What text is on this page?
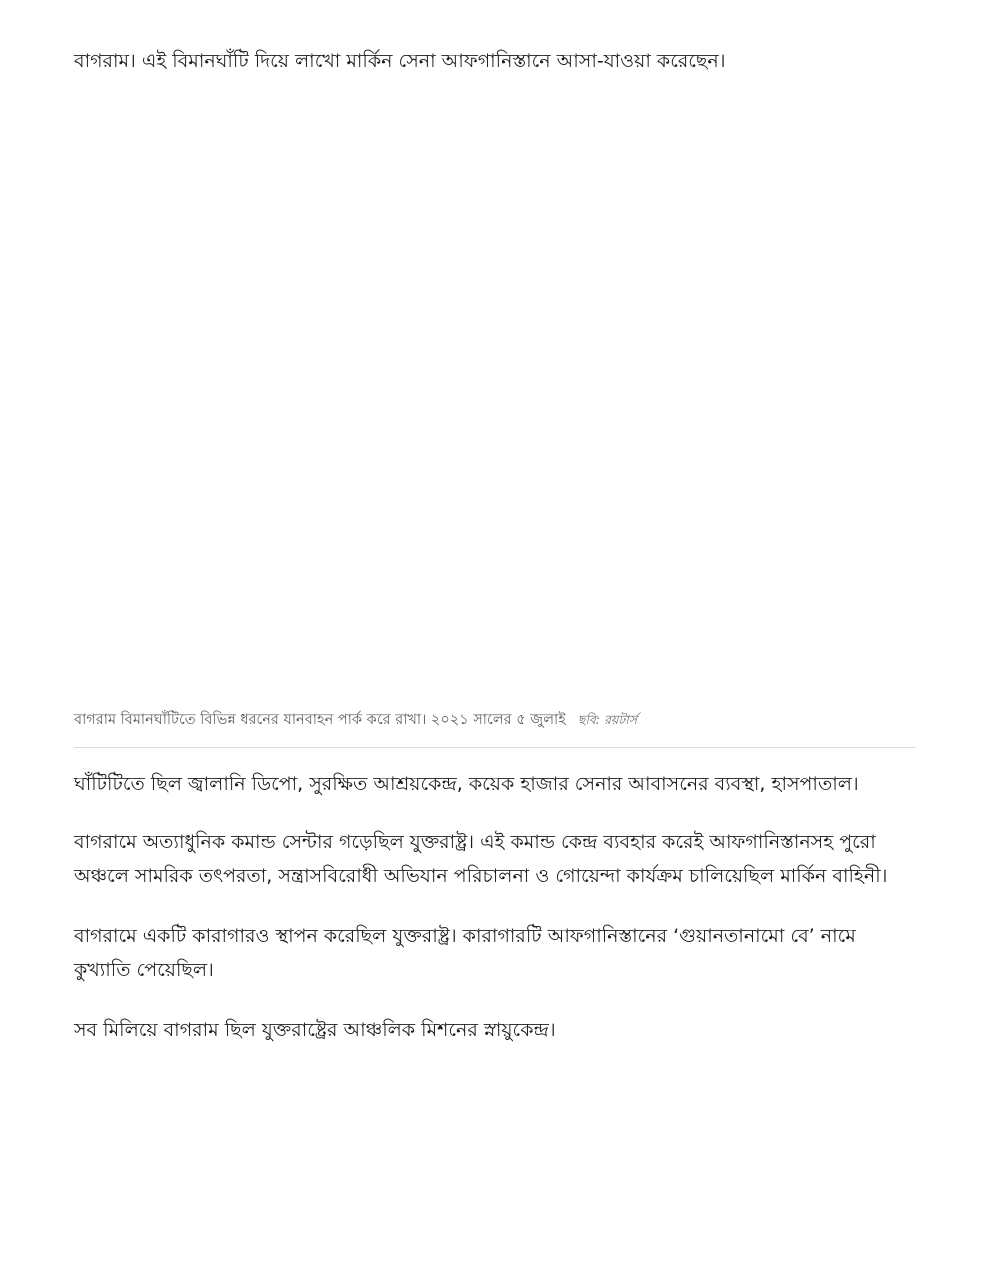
বাগরাম। এই বিমানঘাঁটি দিয়ে লাখো মার্কিন সেনা আফগানিস্তানে আসা-যাওয়া করেছেন।

বাগরাম বিমানঘাঁটিতে বিভিন্ন ধরনের যানবাহন পার্ক করে রাখা। ২০২১ সালের ৫ জুলাই ছবি: রয়টার্স

ঘাঁটিটিতে ছিল জ্বালানি ডিপো, সুরক্ষিত আশ্রয়কেন্দ্র, কয়েক হাজার সেনার আবাসনের ব্যবস্থা, হাসপাতাল।

বাগরামে অত্যাধুনিক কমান্ড সেন্টার গড়েছিল যুক্তরাষ্ট্র। এই কমান্ড কেন্দ্র ব্যবহার করেই আফগানিস্তানসহ পুরো অঞ্চলে সামরিক তৎপরতা, সন্ত্রাসবিরোধী অভিযান পরিচালনা ও গোয়েন্দা কার্যক্রম চালিয়েছিল মার্কিন বাহিনী।

বাগরামে একটি কারাগারও স্থাপন করেছিল যুক্তরাষ্ট্র। কারাগারটি আফগানিস্তানের ‘গুয়ানতানামো বে’ নামে কুখ্যাতি পেয়েছিল।

সব মিলিয়ে বাগরাম ছিল যুক্তরাষ্ট্রের আঞ্চলিক মিশনের স্নায়ুকেন্দ্র।
